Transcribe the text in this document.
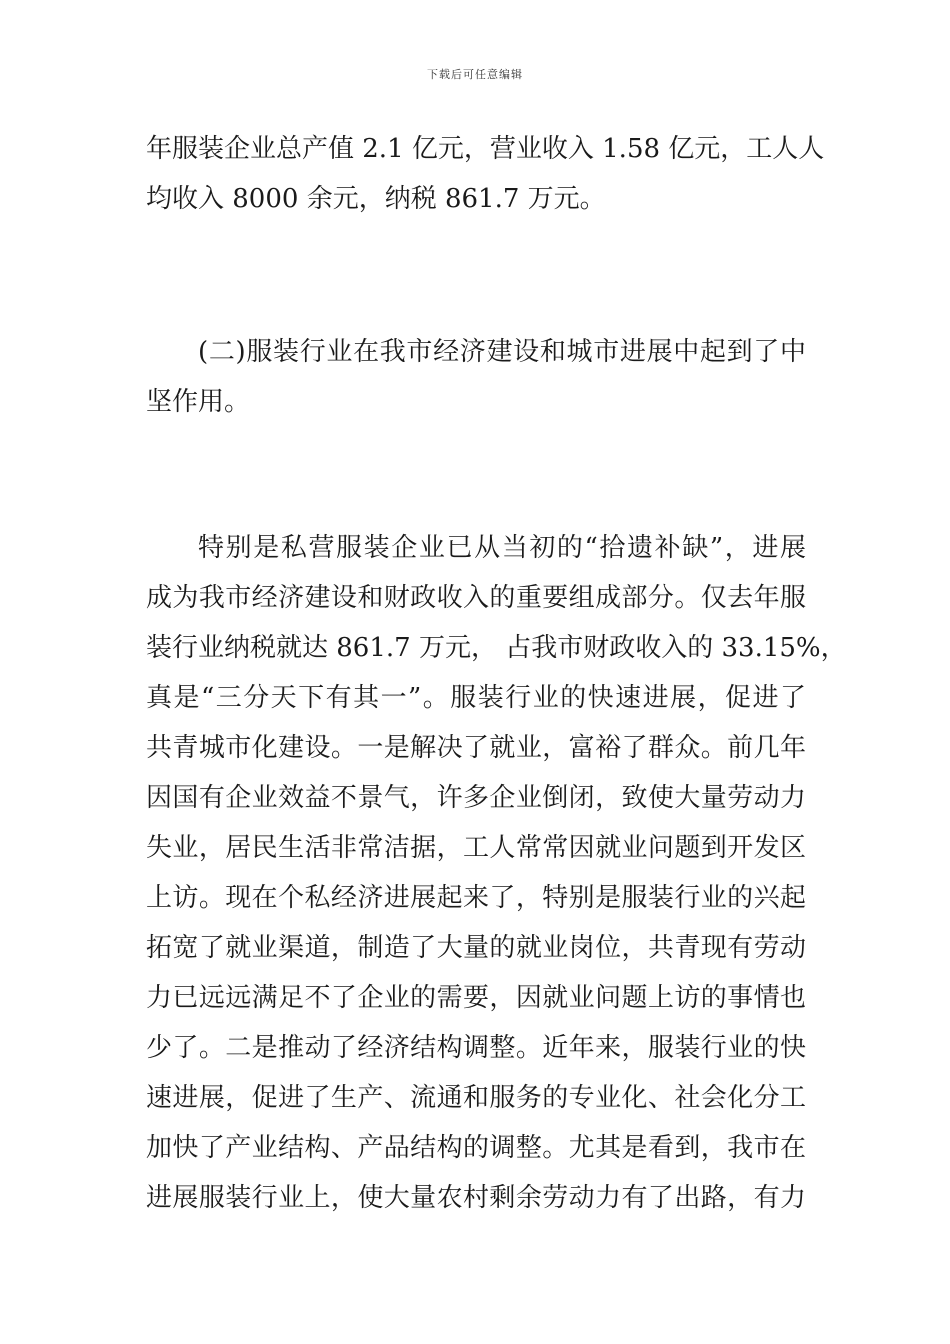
下载后可任意编辑
年服装企业总产值 2.1 亿元，营业收入 1.58 亿元，工人人
均收入 8000 余元，纳税 861.7 万元。
(二)服装行业在我市经济建设和城市进展中起到了中
坚作用。
特别是私营服装企业已从当初的“拾遗补缺”，进展
成为我市经济建设和财政收入的重要组成部分。仅去年服
装行业纳税就达 861.7 万元， 占我市财政收入的 33.15%，
真是“三分天下有其一”。服装行业的快速进展，促进了
共青城市化建设。一是解决了就业，富裕了群众。前几年
因国有企业效益不景气，许多企业倒闭，致使大量劳动力
失业，居民生活非常洁据，工人常常因就业问题到开发区
上访。现在个私经济进展起来了，特别是服装行业的兴起
拓宽了就业渠道，制造了大量的就业岗位，共青现有劳动
力已远远满足不了企业的需要，因就业问题上访的事情也
少了。二是推动了经济结构调整。近年来，服装行业的快
速进展，促进了生产、流通和服务的专业化、社会化分工
加快了产业结构、产品结构的调整。尤其是看到，我市在
进展服装行业上，使大量农村剩余劳动力有了出路，有力
